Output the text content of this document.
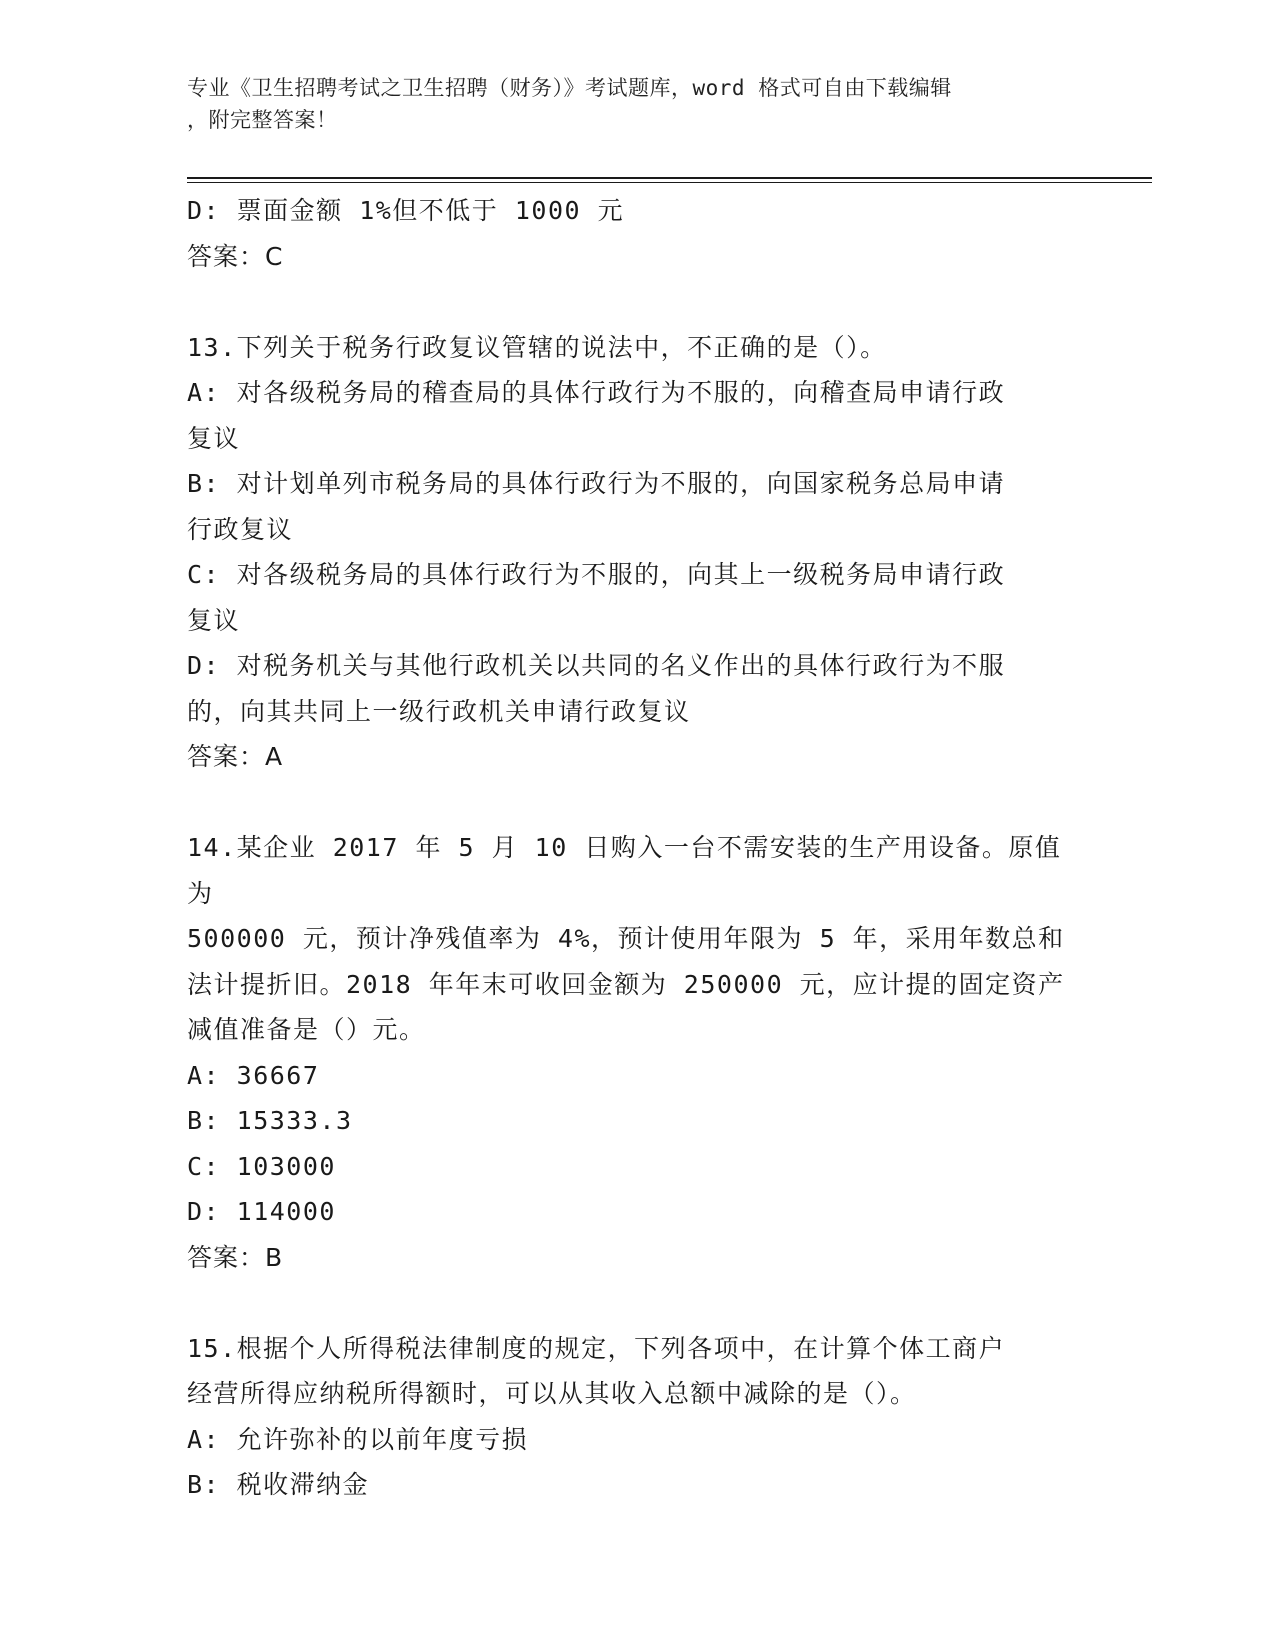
专业《卫生招聘考试之卫生招聘（财务）》考试题库，word 格式可自由下载编辑
，附完整答案！
D: 票面金额 1%但不低于 1000 元
答案：C
13.下列关于税务行政复议管辖的说法中，不正确的是（）。
A: 对各级税务局的稽查局的具体行政行为不服的，向稽查局申请行政
复议
B: 对计划单列市税务局的具体行政行为不服的，向国家税务总局申请
行政复议
C: 对各级税务局的具体行政行为不服的，向其上一级税务局申请行政
复议
D: 对税务机关与其他行政机关以共同的名义作出的具体行政行为不服
的，向其共同上一级行政机关申请行政复议
答案：A
14.某企业 2017 年 5 月 10 日购入一台不需安装的生产用设备。原值为
500000 元，预计净残值率为 4%，预计使用年限为 5 年，采用年数总和
法计提折旧。2018 年年末可收回金额为 250000 元，应计提的固定资产
减值准备是（）元。
A: 36667
B: 15333.3
C: 103000
D: 114000
答案：B
15.根据个人所得税法律制度的规定，下列各项中，在计算个体工商户
经营所得应纳税所得额时，可以从其收入总额中减除的是（）。
A: 允许弥补的以前年度亏损
B: 税收滞纳金
